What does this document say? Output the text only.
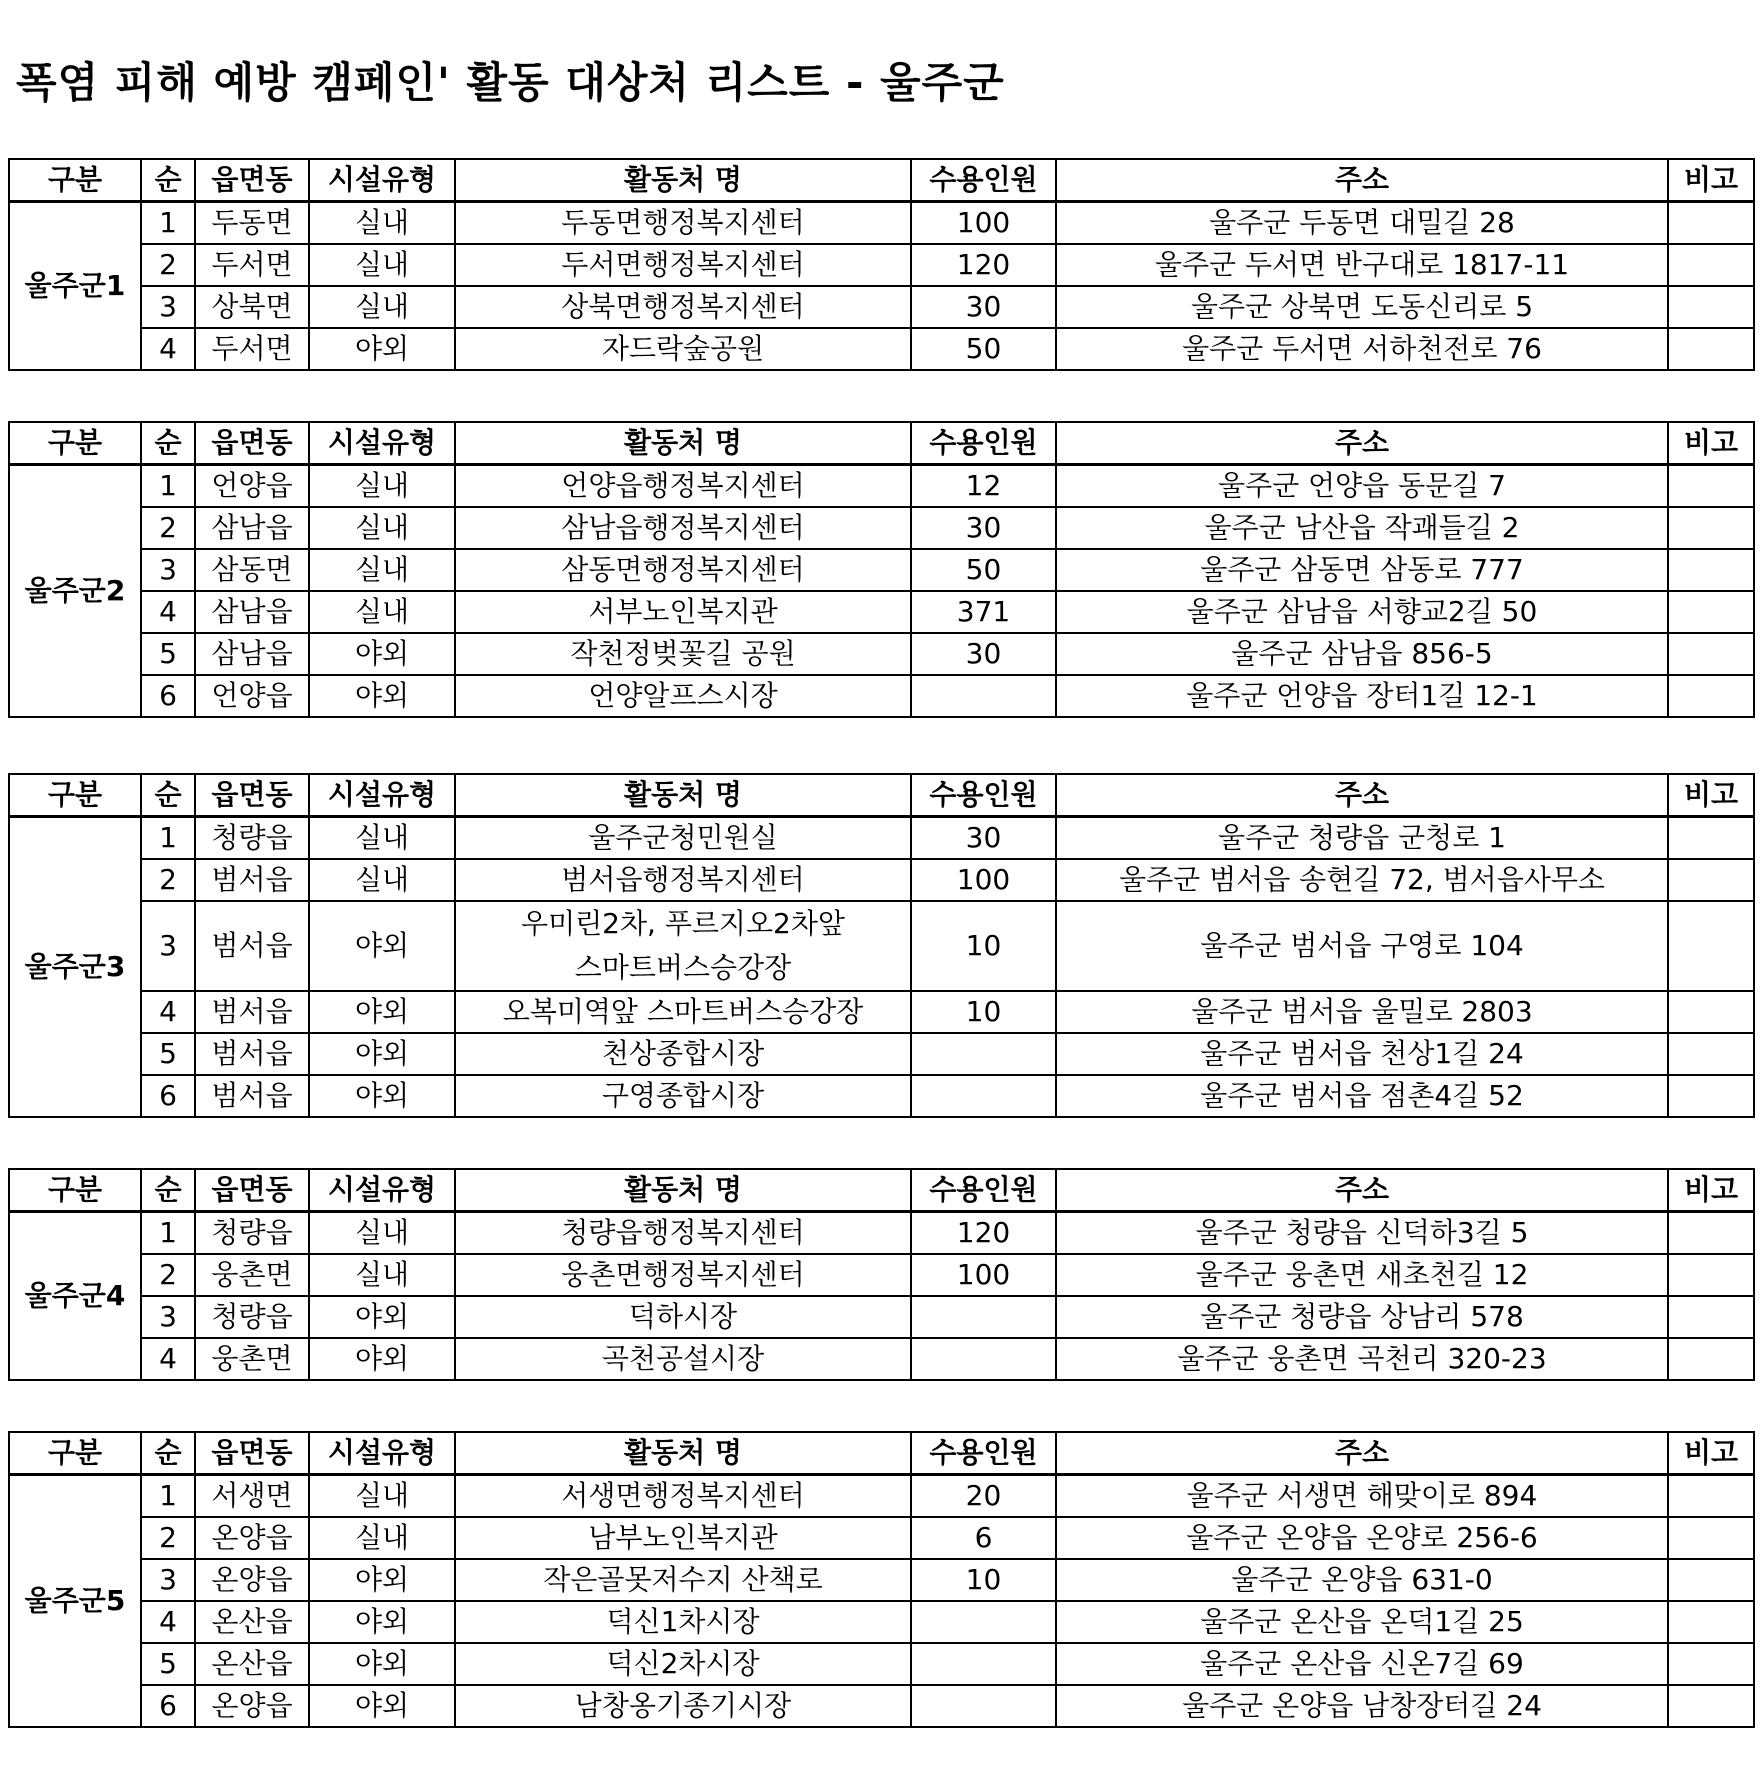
폭염 피해 예방 캠페인' 활동 대상처 리스트 - 울주군
구분	순	읍면동	시설유형	활동처 명	수용인원	주소	비고
울주군1	1	두동면	실내	두동면행정복지센터	100	울주군 두동면 대밀길 28	
	2	두서면	실내	두서면행정복지센터	120	울주군 두서면 반구대로 1817-11	
	3	상북면	실내	상북면행정복지센터	30	울주군 상북면 도동신리로 5	
	4	두서면	야외	자드락숲공원	50	울주군 두서면 서하천전로 76	
구분	순	읍면동	시설유형	활동처 명	수용인원	주소	비고
울주군2	1	언양읍	실내	언양읍행정복지센터	12	울주군 언양읍 동문길 7	
	2	삼남읍	실내	삼남읍행정복지센터	30	울주군 남산읍 작괘들길 2	
	3	삼동면	실내	삼동면행정복지센터	50	울주군 삼동면 삼동로 777	
	4	삼남읍	실내	서부노인복지관	371	울주군 삼남읍 서향교2길 50	
	5	삼남읍	야외	작천정벚꽃길 공원	30	울주군 삼남읍 856-5	
	6	언양읍	야외	언양알프스시장		울주군 언양읍 장터1길 12-1	
구분	순	읍면동	시설유형	활동처 명	수용인원	주소	비고
울주군3	1	청량읍	실내	울주군청민원실	30	울주군 청량읍 군청로 1	
	2	범서읍	실내	범서읍행정복지센터	100	울주군 범서읍 송현길 72, 범서읍사무소	
	3	범서읍	야외	우미린2차, 푸르지오2차앞
스마트버스승강장	10	울주군 범서읍 구영로 104	
	4	범서읍	야외	오복미역앞 스마트버스승강장	10	울주군 범서읍 울밀로 2803	
	5	범서읍	야외	천상종합시장		울주군 범서읍 천상1길 24	
	6	범서읍	야외	구영종합시장		울주군 범서읍 점촌4길 52	
구분	순	읍면동	시설유형	활동처 명	수용인원	주소	비고
울주군4	1	청량읍	실내	청량읍행정복지센터	120	울주군 청량읍 신덕하3길 5	
	2	웅촌면	실내	웅촌면행정복지센터	100	울주군 웅촌면 새초천길 12	
	3	청량읍	야외	덕하시장		울주군 청량읍 상남리 578	
	4	웅촌면	야외	곡천공설시장		울주군 웅촌면 곡천리 320-23	
구분	순	읍면동	시설유형	활동처 명	수용인원	주소	비고
울주군5	1	서생면	실내	서생면행정복지센터	20	울주군 서생면 해맞이로 894	
	2	온양읍	실내	남부노인복지관	6	울주군 온양읍 온양로 256-6	
	3	온양읍	야외	작은골못저수지 산책로	10	울주군 온양읍 631-0	
	4	온산읍	야외	덕신1차시장		울주군 온산읍 온덕1길 25	
	5	온산읍	야외	덕신2차시장		울주군 온산읍 신온7길 69	
	6	온양읍	야외	남창옹기종기시장		울주군 온양읍 남창장터길 24	
